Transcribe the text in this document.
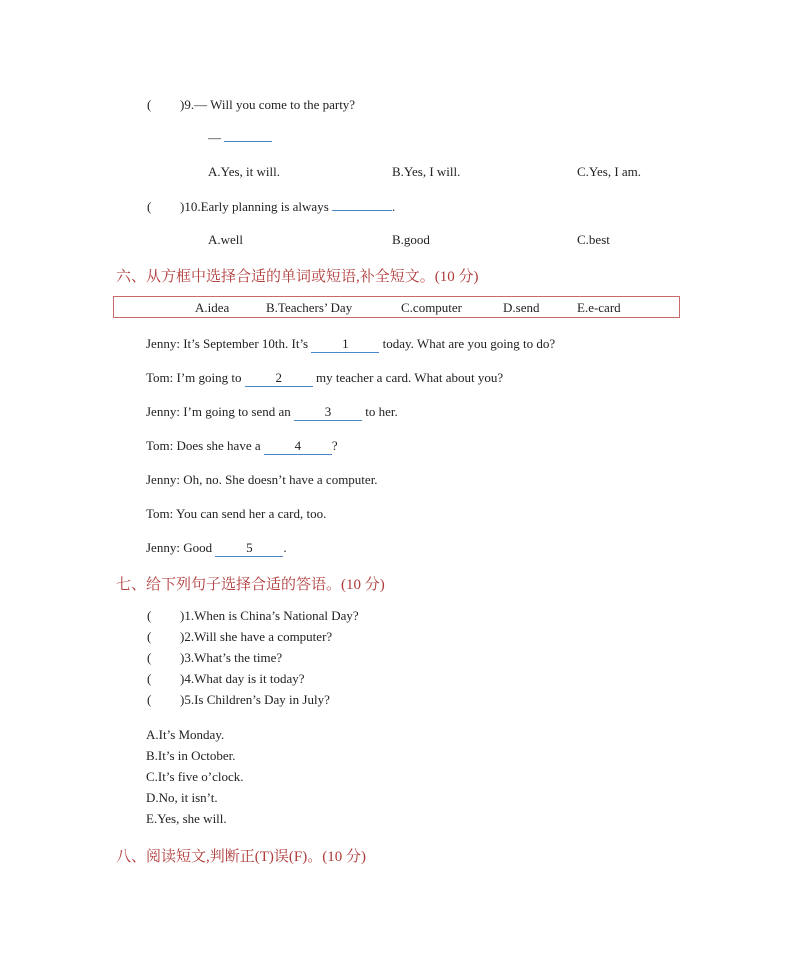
( )9.— Will you come to the party?
—
A.Yes, it will.	B.Yes, I will.	C.Yes, I am.
( )10.Early planning is always	.
A.well	B.good	C.best
六、从方框中选择合适的单词或短语,补全短文。(10 分)
A.idea	B.Teachers’ Day	C.computer	D.send	E.e-card
Jenny: It’s September 10th. It’s	1	today. What are you going to do?
Tom: I’m going to	2	my teacher a card. What about you?
Jenny: I’m going to send an	3	to her.
Tom: Does she have a	4 ?
Jenny: Oh, no. She doesn’t have a computer.
Tom: You can send her a card, too.
Jenny: Good	5 .
七、给下列句子选择合适的答语。(10 分)
( )1.When is China’s National Day?
( )2.Will she have a computer?
( )3.What’s the time?
( )4.What day is it today?
( )5.Is Children’s Day in July?
A.It’s Monday.
B.It’s in October.
C.It’s five o’clock.
D.No, it isn’t.
E.Yes, she will.
八、阅读短文,判断正(T)误(F)。(10 分)
